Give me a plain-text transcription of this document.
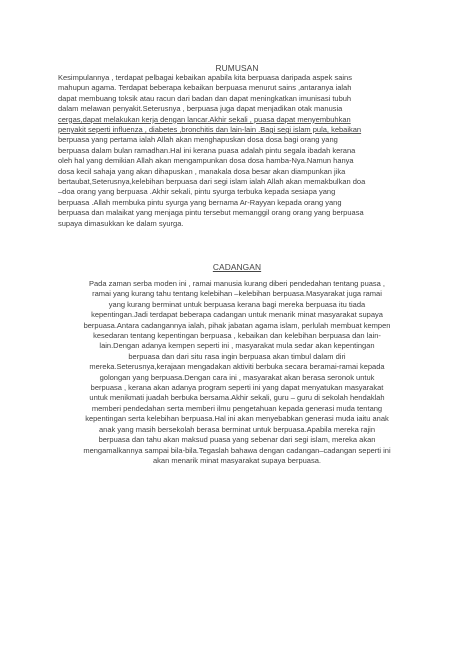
RUMUSAN
Kesimpulannya , terdapat pelbagai kebaikan apabila kita berpuasa daripada aspek sains
mahupun agama. Terdapat beberapa kebaikan berpuasa menurut sains ,antaranya ialah
dapat membuang toksik atau racun dari badan dan dapat meningkatkan imunisasi tubuh
dalam melawan penyakit.Seterusnya , berpuasa juga dapat menjadikan otak manusia
cergas,dapat melakukan kerja dengan lancar.Akhir sekali , puasa dapat menyembuhkan
penyakit seperti influenza , diabetes ,bronchitis dan lain-lain .Bagi segi islam pula, kebaikan
berpuasa yang pertama ialah Allah akan menghapuskan dosa dosa bagi orang yang
berpuasa dalam bulan ramadhan.Hal ini kerana puasa adalah pintu segala ibadah kerana
oleh hal yang demikian Allah akan mengampunkan dosa dosa hamba-Nya.Namun hanya
dosa kecil sahaja yang akan dihapuskan , manakala dosa besar akan diampunkan jika
bertaubat,Seterusnya,kelebihan berpuasa dari segi islam ialah Allah akan memakbulkan doa
–doa orang yang berpuasa .Akhir sekali, pintu syurga terbuka kepada sesiapa yang
berpuasa .Allah membuka pintu syurga yang bernama Ar-Rayyan kepada orang yang
berpuasa dan malaikat yang menjaga pintu tersebut memanggil orang orang yang berpuasa
supaya dimasukkan ke dalam syurga.
CADANGAN
Pada zaman serba moden ini , ramai manusia kurang diberi pendedahan tentang puasa ,
ramai yang kurang tahu tentang kelebihan –kelebihan berpuasa.Masyarakat juga ramai
yang kurang berminat untuk berpuasa kerana bagi mereka berpuasa itu tiada
kepentingan.Jadi terdapat beberapa cadangan untuk menarik minat masyarakat supaya
berpuasa.Antara cadangannya ialah, pihak jabatan agama islam, perlulah membuat kempen
kesedaran tentang kepentingan berpuasa , kebaikan dan kelebihan berpuasa dan lain-
lain.Dengan adanya kempen seperti ini , masyarakat mula sedar akan kepentingan
berpuasa dan dari situ rasa ingin berpuasa akan timbul dalam diri
mereka.Seterusnya,kerajaan mengadakan aktiviti berbuka secara beramai-ramai kepada
golongan yang berpuasa.Dengan cara ini , masyarakat akan berasa seronok untuk
berpuasa , kerana akan adanya program seperti ini yang dapat menyatukan masyarakat
untuk menikmati juadah berbuka bersama.Akhir sekali, guru – guru di sekolah hendaklah
memberi pendedahan serta memberi ilmu pengetahuan kepada generasi muda tentang
kepentingan serta kelebihan berpuasa.Hal ini akan menyebabkan generasi muda iaitu anak
anak yang masih bersekolah berasa berminat untuk berpuasa.Apabila mereka rajin
berpuasa dan tahu akan maksud puasa yang sebenar dari segi islam, mereka akan
mengamalkannya sampai bila-bila.Tegaslah bahawa dengan cadangan–cadangan seperti ini
akan menarik minat masyarakat supaya berpuasa.
